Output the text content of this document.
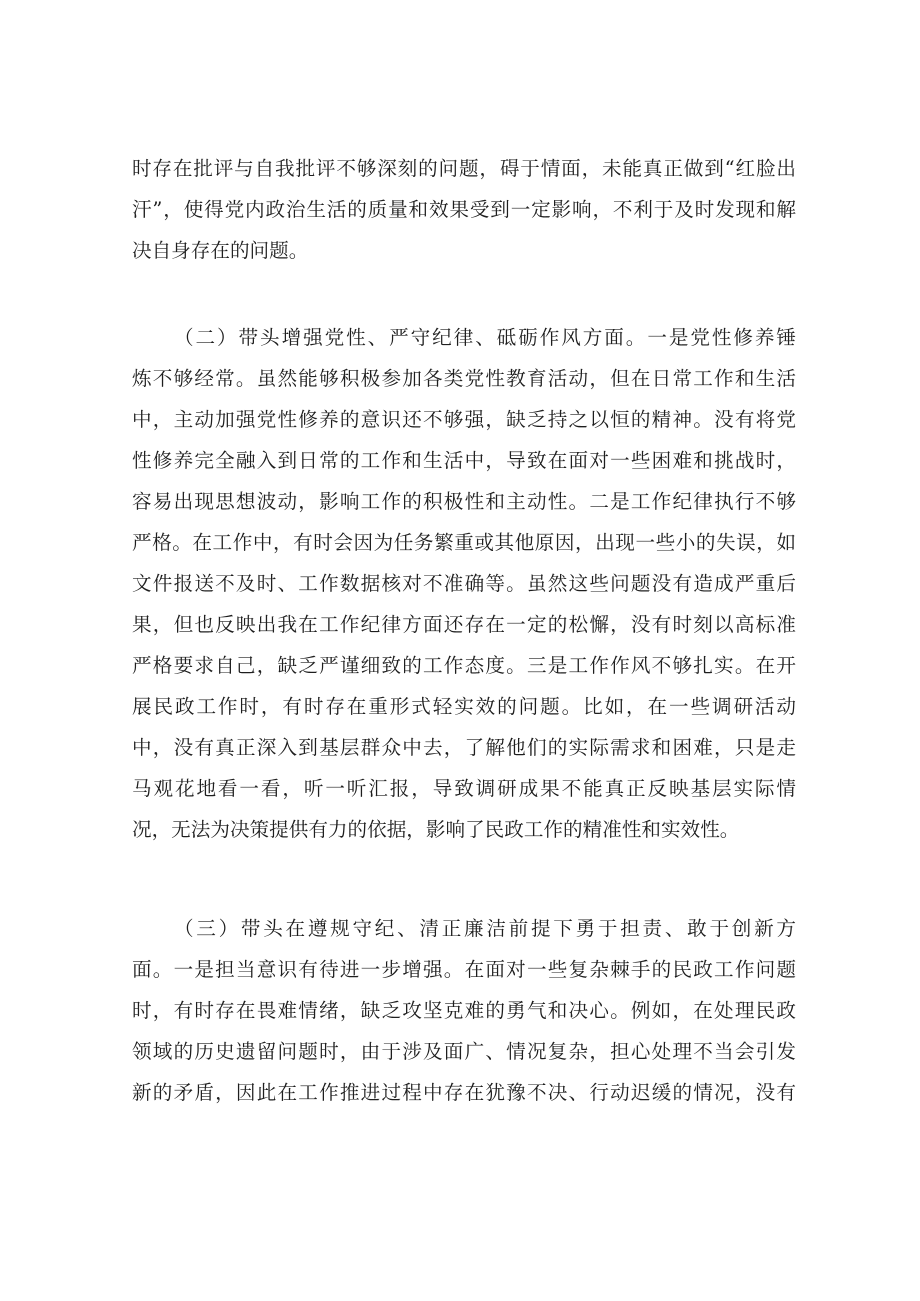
时存在批评与自我批评不够深刻的问题，碍于情面，未能真正做到“红脸出
汗”，使得党内政治生活的质量和效果受到一定影响，不利于及时发现和解
决自身存在的问题。
（二）带头增强党性、严守纪律、砥砺作风方面。一是党性修养锤
炼不够经常。虽然能够积极参加各类党性教育活动，但在日常工作和生活
中，主动加强党性修养的意识还不够强，缺乏持之以恒的精神。没有将党
性修养完全融入到日常的工作和生活中，导致在面对一些困难和挑战时，
容易出现思想波动，影响工作的积极性和主动性。二是工作纪律执行不够
严格。在工作中，有时会因为任务繁重或其他原因，出现一些小的失误，如
文件报送不及时、工作数据核对不准确等。虽然这些问题没有造成严重后
果，但也反映出我在工作纪律方面还存在一定的松懈，没有时刻以高标准
严格要求自己，缺乏严谨细致的工作态度。三是工作作风不够扎实。在开
展民政工作时，有时存在重形式轻实效的问题。比如，在一些调研活动
中，没有真正深入到基层群众中去，了解他们的实际需求和困难，只是走
马观花地看一看，听一听汇报，导致调研成果不能真正反映基层实际情
况，无法为决策提供有力的依据，影响了民政工作的精准性和实效性。
（三）带头在遵规守纪、清正廉洁前提下勇于担责、敢于创新方
面。一是担当意识有待进一步增强。在面对一些复杂棘手的民政工作问题
时，有时存在畏难情绪，缺乏攻坚克难的勇气和决心。例如，在处理民政
领域的历史遗留问题时，由于涉及面广、情况复杂，担心处理不当会引发
新的矛盾，因此在工作推进过程中存在犹豫不决、行动迟缓的情况，没有
